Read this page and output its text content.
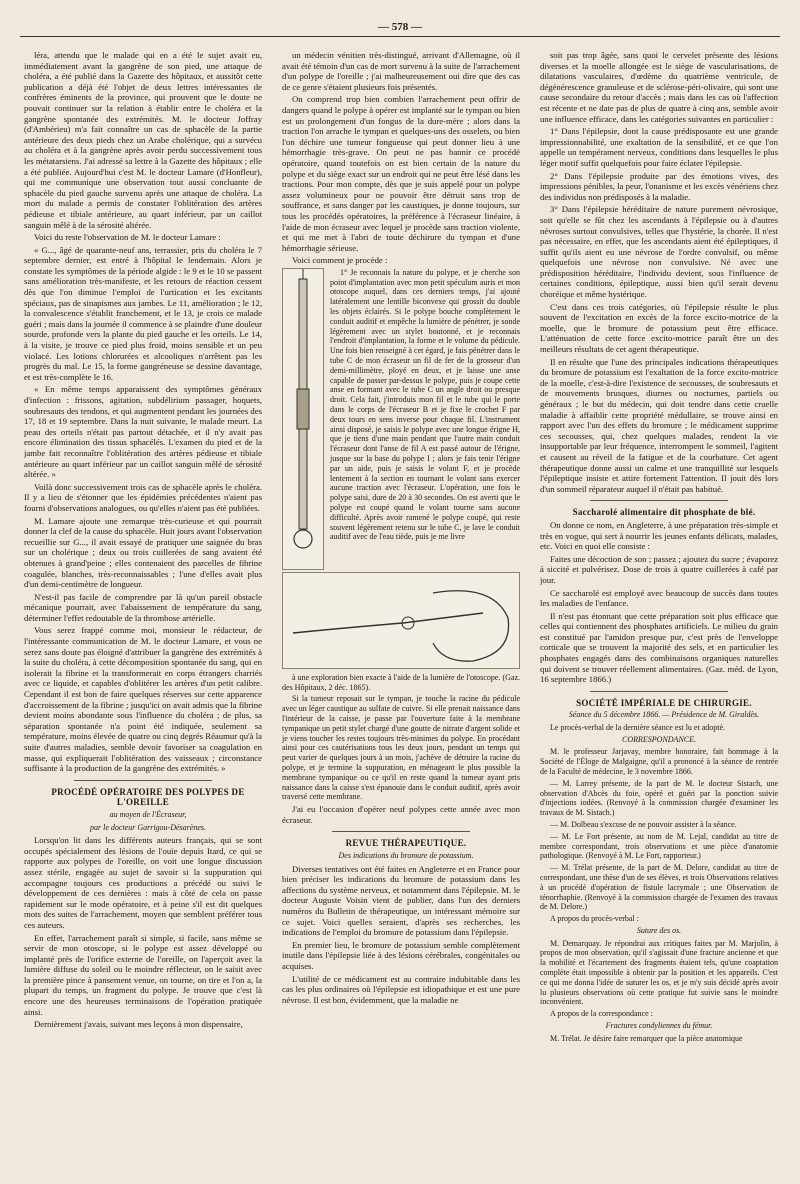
— 578 —

léra, attendu que le malade qui en a été le sujet avait eu, immédiatement avant la gangrène de son pied, une attaque de choléra, a été publié dans la Gazette des hôpitaux, et aussitôt cette publication a déjà été l'objet de deux lettres intéressantes de confrères éminents de la province, qui prouvent que le doute ne pouvait continuer sur la relation à établir entre le choléra et la gangrène spontanée des extrémités. M. le docteur Joffray (d'Ambérieu) m'a fait connaître un cas de sphacèle de la partie antérieure des deux pieds chez un Arabe cholérique, qui a survécu au choléra et à la gangrène après avoir perdu successivement tous les métatarsiens. J'ai adressé sa lettre à la Gazette des hôpitaux ; elle a été publiée. Aujourd'hui c'est M. le docteur Lamare (d'Honfleur), qui me communique une observation tout aussi concluante de sphacèle du pied gauche survenu après une attaque de choléra. La mort du malade a permis de constater l'oblitération des artères pédieuse et tibiale antérieure, au quart inférieur, par un caillot sanguin mêlé à de la sérosité altérée.

Voici du reste l'observation de M. le docteur Lamare :

« G..., âgé de quarante-neuf ans, terrassier, pris du choléra le 7 septembre dernier, est entré à l'hôpital le lendemain. Alors je constate les symptômes de la période algide : le 9 et le 10 se passent sans amélioration très-manifeste, et les retours de réaction cessent dès que l'on diminue l'emploi de l'urtication et les excitants spéciaux, pas de sinapismes aux jambes. Le 11, amélioration ; le 12, la convalescence s'établit franchement, et le 13, je crois ce malade guéri ; mais dans la journée il commence à se plaindre d'une douleur sourde, profonde vers la plante du pied gauche et les orteils. Le 14, à la visite, je trouve ce pied plus froid, moins sensible et un peu violacé. Les lotions chlorurées et alcooliques n'arrêtent pas les progrès du mal. Le 15, la forme gangréneuse se dessine davantage, et est très-complète le 16.

« En même temps apparaissent des symptômes généraux d'infection : frissons, agitation, subdélirium passager, hoquets, soubresauts des tendons, et qui augmentent pendant les journées des 17, 18 et 19 septembre. Dans la nuit suivante, le malade meurt. La peau des orteils n'était pas partout détachée, et il n'y avait pas encore élimination des tissus sphacélés. L'examen du pied et de la jambe fait reconnaître l'oblitération des artères pédieuse et tibiale antérieure au quart inférieur par un caillot sanguin mêlé de sérosité altérée. »

Voilà donc successivement trois cas de sphacèle après le choléra. Il y a lieu de s'étonner que les épidémies précédentes n'aient pas fourni d'observations analogues, ou qu'elles n'aient pas été publiées.

M. Lamare ajoute une remarque très-curieuse et qui pourrait donner la clef de la cause du sphacèle. Huit jours avant l'observation recueillie sur G..., il avait essayé de pratiquer une saignée du bras sur un cholérique ; deux ou trois cuillerées de sang avaient été obtenues à grand'peine ; elles contenaient des parcelles de fibrine coagulée, blanches, très-reconnaissables ; l'une d'elles avait plus d'un demi-centimètre de longueur.

N'est-il pas facile de comprendre par là qu'un pareil obstacle mécanique pourrait, avec l'abaissement de température du sang, déterminer l'effet redoutable de la thrombose artérielle.

Vous serez frappé comme moi, monsieur le rédacteur, de l'intéressante communication de M. le docteur Lamare, et vous ne serez sans doute pas éloigné d'attribuer la gangrène des extrémités à la suite du choléra, à cette décomposition spontanée du sang, qui en isolerait la fibrine et la transformerait en corps étrangers charriés avec ce liquide, et capables d'oblitérer les artères d'un petit calibre. Cependant il est bon de faire quelques réserves sur cette apparence d'accroissement de la fibrine ; jusqu'ici on avait admis que la fibrine devient moins abondante sous l'influence du choléra ; de plus, sa séparation spontanée n'a point été indiquée, seulement sa température, moins élevée de quatre ou cinq degrés Réaumur qu'à la suite d'autres maladies, semble devoir favoriser sa coagulation en masse, qui expliquerait l'oblitération des vaisseaux ; circonstance suffisante à la production de la gangrène des extrémités. »

PROCÉDÉ OPÉRATOIRE DES POLYPES DE L'OREILLE

au moyen de l'Écraseur,

par le docteur Garrigou-Désarènes.

Lorsqu'on lit dans les différents auteurs français, qui se sont occupés spécialement des lésions de l'ouïe depuis Itard, ce qui se rapporte aux polypes de l'oreille, on voit une longue discussion assez stérile, engagée au sujet de savoir si la suppuration qui accompagne toujours ces productions a précédé ou suivi le développement de ces dernières : mais à côté de cela on passe rapidement sur le mode opératoire, et à peine s'il est dit quelques mots des suites de l'arrachement, moyen que semblent préférer tous ces auteurs.

En effet, l'arrachement paraît si simple, si facile, sans même se servir de mon otoscope, si le polype est assez développé ou implanté près de l'orifice externe de l'oreille, on l'aperçoit avec la lumière diffuse du soleil ou le moindre réflecteur, on le saisit avec la première pince à pansement venue, on tourne, on tire et l'on a, la plupart du temps, un fragment du polype. Je trouve que c'est là encore une des heureuses terminaisons de l'opération pratiquée ainsi.

Dernièrement j'avais, suivant mes leçons à mon dispensaire,

un médecin vénitien très-distingué, arrivant d'Allemagne, où il avait été témoin d'un cas de mort survenu à la suite de l'arrachement d'un polype de l'oreille ; j'ai malheureusement oui dire que des cas de ce genre s'étaient plusieurs fois présentés.

On comprend trop bien combien l'arrachement peut offrir de dangers quand le polype à opérer est implanté sur le tympan ou bien est un prolongement d'un fongus de la dure-mère ; alors dans la traction l'on arrache le tympan et quelques-uns des osselets, ou bien l'on déchire une tumeur fongueuse qui peut donner lieu à une hémorrhagie très-grave. On peut ne pas bannir ce procédé opératoire, quand toutefois on est bien certain de la nature du polype et du siège exact sur un endroit qui ne peut être lésé dans les tractions. Pour mon compte, dès que je suis appelé pour un polype assez volumineux pour ne pouvoir être détruit sans trop de souffrance, et sans danger par les caustiques, je donne toujours, sur tous les procédés opératoires, la préférence à l'écraseur linéaire, à l'aide de mon écraseur avec lequel je procède sans traction violente, et qui me met à l'abri de toute déchirure du tympan et d'une hémorrhagie sérieuse.

Voici comment je procède :

1° Je reconnais la nature du polype, et je cherche son point d'implantation avec mon petit spéculum auris et mon otoscope auquel, dans ces derniers temps, j'ai ajouté latéralement une lentille biconvexe qui grossit du double les objets éclairés. Si le polype bouche complètement le conduit auditif et empêche la lumière de pénétrer, je sonde légèrement avec un stylet boutonné, et je reconnais l'endroit d'implantation, la forme et le volume du pédicule. Une fois bien renseigné à cet égard, je fais pénétrer dans le tube C de mon écraseur un fil de fer de la grosseur d'un demi-millimètre, ployé en deux, et je laisse une anse capable de passer par-dessus le polype, puis je coupe cette anse en formant avec le tube C un angle droit ou presque droit. Cela fait, j'introduis mon fil et le tube qui le porte dans le corps de l'écraseur B et je fixe le crochet F par deux tours en sens inverse pour chaque fil. L'instrument ainsi disposé, je saisis le polype avec une longue érigne H, que je tiens d'une main pendant que l'autre main conduit l'écraseur dont l'anse de fil A est passé autour de l'érigne, jusque sur la base du polype I ; alors je fais tenir l'érigne par un aide, puis je saisis le volant F, et je procède lentement à la section en tournant le volant sans exercer aucune traction avec l'écraseur. L'opération, une fois le polype saisi, dure de 20 à 30 secondes. On est averti que le polype est coupé quand le volant tourne sans aucune difficulté. Après avoir ramené le polype coupé, qui reste souvent légèrement retenu sur le tube C, je lave le conduit auditif avec de l'eau tiède, puis je me livre

à une exploration bien exacte à l'aide de la lumière de l'otoscope. (Gaz. des Hôpitaux, 2 déc. 1865).

Si la tumeur reposait sur le tympan, je touche la racine du pédicule avec un léger caustique au sulfate de cuivre. Si elle prenait naissance dans l'intérieur de la caisse, je passe par l'ouverture faite à la membrane tympanique un petit stylet chargé d'une goutte de nitrate d'argent solide et je viens toucher les restes toujours très-minimes du polype. En procédant ainsi pour ces cautérisations tous les deux jours, pendant un temps qui peut varier de quelques jours à un mois, j'achève de détruire la racine du polype, et je termine la suppuration, en ménageant le plus possible la membrane tympanique ou ce qu'il en reste quand la tumeur ayant pris naissance dans la caisse s'est épanouie dans le conduit auditif, après avoir traversé cette membrane.

J'ai eu l'occasion d'opérer neuf polypes cette année avec mon écraseur.

REVUE THÉRAPEUTIQUE.

Des indications du bromure de potassium.

Diverses tentatives ont été faites en Angleterre et en France pour bien préciser les indications du bromure de potassium dans les affections du système nerveux, et notamment dans l'épilepsie. M. le docteur Auguste Voisin vient de publier, dans l'un des derniers numéros du Bulletin de thérapeutique, un intéressant mémoire sur ce sujet. Voici quelles seraient, d'après ses recherches, les indications de l'emploi du bromure de potassium dans l'épilepsie.

En premier lieu, le bromure de potassium semble complètement inutile dans l'épilepsie liée à des lésions cérébrales, congénitales ou acquises.

L'utilité de ce médicament est au contraire indubitable dans les cas les plus ordinaires où l'épilepsie est idiopathique et est une pure névrose. Il est bon, évidemment, que la maladie ne

soit pas trop âgée, sans quoi le cervelet présente des lésions diverses et la moelle allongée est le siège de vascularisations, de dilatations vasculaires, d'œdème du quatrième ventricule, de dégénérescence granuleuse et de sclérose-péri-olivaire, qui sont une cause secondaire du retour d'accès ; mais dans les cas où l'affection est récente et ne date pas de plus de quatre à cinq ans, semble avoir une influence efficace, dans les catégories suivantes en particulier :

1° Dans l'épilepsie, dont la cause prédisposante est une grande impressionnabilité, une exaltation de la sensibilité, et ce que l'on appelle un tempérament nerveux, conditions dans lesquelles le plus léger motif suffit quelquefois pour faire éclater l'épilepsie.

2° Dans l'épilepsie produite par des émotions vives, des impressions pénibles, la peur, l'onanisme et les excès vénériens chez des individus non prédisposés à la maladie.

3° Dans l'épilepsie héréditaire de nature purement névrosique, soit qu'elle se fût chez les ascendants à l'épilepsie ou à d'autres névroses surtout convulsives, telles que l'hystérie, la chorée. Il n'est pas nécessaire, en effet, que les ascendants aient été épileptiques, il suffit qu'ils aient eu une névrose de l'ordre convulsif, ou même quelquefois une névrose non convulsive. Né avec une prédisposition héréditaire, l'individu devient, sous l'influence de certaines conditions, épileptique, aussi bien qu'il serait devenu choréique et même hystérique.

C'est dans ces trois catégories, où l'épilepsie résulte le plus souvent de l'excitation en excès de la force excito-motrice de la moelle, que le bromure de potassium peut être efficace. L'atténuation de cette force excito-motrice paraît être un des meilleurs résultats de cet agent thérapeutique.

Il en résulte que l'une des principales indications thérapeutiques du bromure de potassium est l'exaltation de la force excito-motrice de la moelle, c'est-à-dire l'existence de secousses, de soubresauts et de mouvements brusques, diurnes ou nocturnes, partiels ou généraux ; le but du médecin, qui doit tendre dans cette cruelle maladie à affaiblir cette propriété médullaire, se trouve ainsi en rapport avec l'un des effets du bromure ; le médicament supprime ces secousses, qui, chez quelques malades, rendent la vie insupportable par leur fréquence, interrompent le sommeil, l'agitent et causent au réveil de la fatigue et de la courbature. Cet agent thérapeutique donne aussi un calme et une tranquillité sur lesquels l'épileptique insiste et attire fortement l'attention. Il jouit dès lors d'un sommeil réparateur auquel il n'était pas habitué.

Saccharolé alimentaire dit phosphate de blé.

On donne ce nom, en Angleterre, à une préparation très-simple et très en vogue, qui sert à nourrir les jeunes enfants délicats, malades, etc. Voici en quoi elle consiste :

Faites une décoction de son ; passez ; ajoutez du sucre ; évaporez à siccité et pulvérisez. Dose de trois à quatre cuillerées à café par jour.

Ce saccharolé est employé avec beaucoup de succès dans toutes les maladies de l'enfance.

Il n'est pas étonnant que cette préparation soit plus efficace que celles qui contiennent des phosphates artificiels. Le milieu du grain est constitué par l'amidon presque pur, c'est près de l'enveloppe corticale que se trouvent la majorité des sels, et en particulier les phosphates engagés dans des combinaisons organiques naturelles qui doivent se trouver réellement alimentaires. (Gaz. méd. de Lyon, 16 septembre 1866.)

SOCIÉTÉ IMPÉRIALE DE CHIRURGIE.

Séance du 5 décembre 1866. — Présidence de M. Giraldès.

Le procès-verbal de la dernière séance est lu et adopté.

CORRESPONDANCE.

M. le professeur Jarjavay, membre honoraire, fait hommage à la Société de l'Éloge de Malgaigne, qu'il a prononcé à la séance de rentrée de la Faculté de médecine, le 3 novembre 1866.

— M. Larrey présente, de la part de M. le docteur Sistach, une observation d'Abcès du foie, opéré et guéri par la ponction suivie d'injections iodées. (Renvoyé à la commission chargée d'examiner les travaux de M. Sistach.)

— M. Dolbeau s'excuse de ne pouvoir assister à la séance.

— M. Le Fort présente, au nom de M. Lejal, candidat au titre de membre correspondant, trois observations et une pièce d'anatomie pathologique. (Renvoyé à M. Le Fort, rapporteur.)

— M. Trélat présente, de la part de M. Delore, candidat au titre de correspondant, une thèse d'un de ses élèves, et trois Observations relatives à un procédé d'opération de fistule lacrymale ; une Observation de ténorrhaphie. (Renvoyé à la commission chargée de l'examen des travaux de M. Delore.)

A propos du procès-verbal :

Suture des os.

M. Demarquay. Je répondrai aux critiques faites par M. Marjolin, à propos de mon observation, qu'il s'agissait d'une fracture ancienne et que la mobilité et l'écartement des fragments étaient tels, qu'une coaptation complète était impossible à obtenir par la position et les appareils. C'est ce qui me donna l'idée de suturer les os, et je m'y suis décidé après avoir lu plusieurs observations où cette pratique fut suivie sans le moindre inconvénient.

A propos de la correspondance :

Fractures condyliennes du fémur.

M. Trélat. Je désire faire remarquer que la pièce anatomique
